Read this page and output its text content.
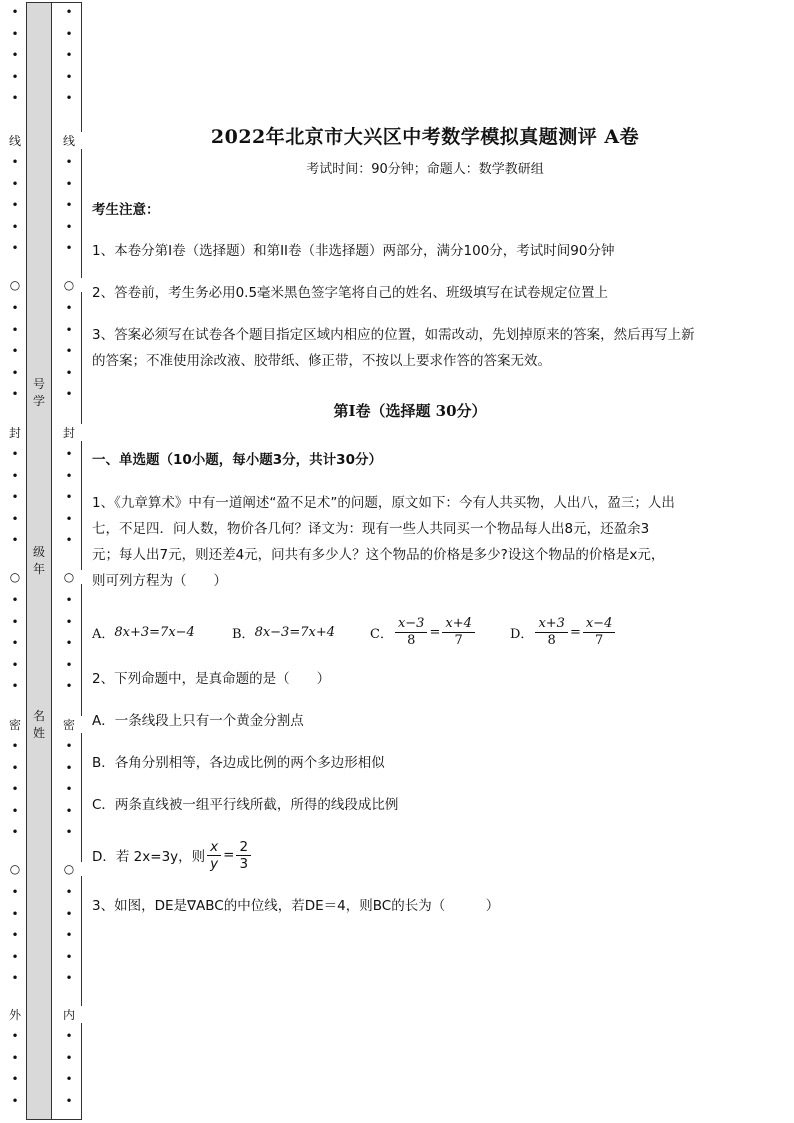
•
•
•
•
•

线
•
•
•
•
•

○
•
•
•
•
•

封
•
•
•
•
•

○
•
•
•
•
•

密
•
•
•
•
•

○
•
•
•
•
•

外
•
•
•
•

号
学
级
年
名
姓
•
•
•
•
•

线
•
•
•
•
•

○
•
•
•
•
•

封
•
•
•
•
•

○
•
•
•
•
•

密
•
•
•
•
•

○
•
•
•
•
•

内
•
•
•
•

2022年北京市大兴区中考数学模拟真题测评 A卷
考试时间：90分钟；命题人：数学教研组
考生注意：
1、本卷分第I卷（选择题）和第II卷（非选择题）两部分，满分100分，考试时间90分钟
2、答卷前，考生务必用0.5毫米黑色签字笔将自己的姓名、班级填写在试卷规定位置上
3、答案必须写在试卷各个题目指定区域内相应的位置，如需改动，先划掉原来的答案，然后再写上新
的答案；不准使用涂改液、胶带纸、修正带，不按以上要求作答的答案无效。
第I卷（选择题 30分）
一、单选题（10小题，每小题3分，共计30分）
1、《九章算术》中有一道阐述“盈不足术”的问题，原文如下：今有人共买物，人出八，盈三；人出
七，不足四．问人数，物价各几何？译文为：现有一些人共同买一个物品每人出8元，还盈余3
元；每人出7元，则还差4元，问共有多少人？这个物品的价格是多少?设这个物品的价格是x元，
则可列方程为（　　）
A． 8x+3=7x−4	B． 8x−3=7x+4	C． $\frac{x-3}{8} = \frac{x+4}{7}$	D． $\frac{x+3}{8} = \frac{x-4}{7}$
2、下列命题中，是真命题的是（　　）
A．一条线段上只有一个黄金分割点
B．各角分别相等，各边成比例的两个多边形相似
C．两条直线被一组平行线所截，所得的线段成比例
D．若 2x=3y，则 $\frac{x}{y} = \frac{2}{3}$
3、如图，DE是∇ABC的中位线，若DE＝4，则BC的长为（　　　）
